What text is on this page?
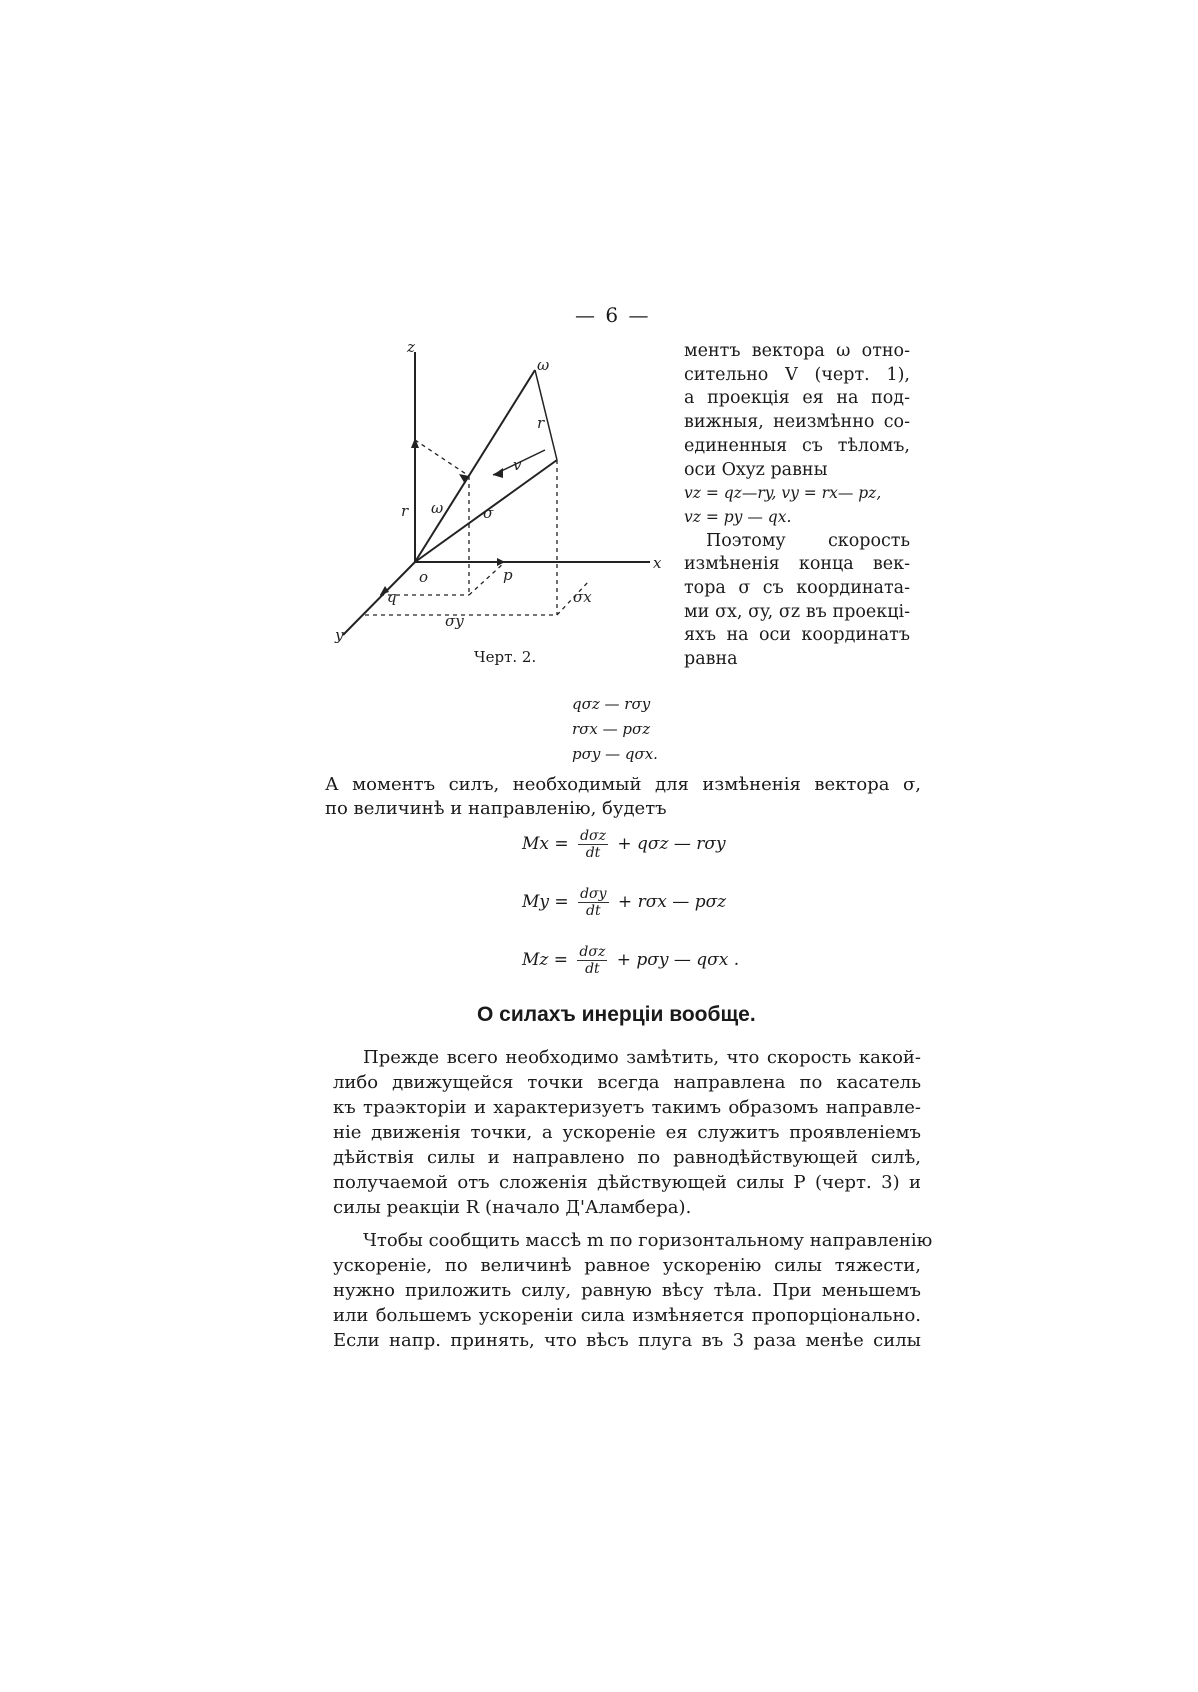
— 6 —
z
x
y
o
ω
r
r
v
σ
ω
p
q
σy
σx
Черт. 2.
ментъ вектора ω отно-
сительно V (черт. 1),
а проекція ея на под-
вижныя, неизмѣнно со-
единенныя съ тѣломъ,
оси Oxyz равны
vz = qz—ry, vy = rx— pz,
vz = py — qx.
Поэтому скорость
измѣненія конца век-
тора σ съ координата-
ми σx, σy, σz въ проекці-
яхъ на оси координатъ
равна
qσz — rσy
rσx — pσz
pσy — qσx.
А моментъ силъ, необходимый для измѣненія вектора σ,
по величинѣ и направленію, будетъ
$Mx = \frac{\text{dσz}}{dt} + q\sigma z$ — rσy
$My = \frac{\text{dσy}}{dt} + r\sigma x$ — pσz
$Mz = \frac{\text{dσz}}{dt} + p\sigma y$ — qσx .
О силахъ инерціи вообще.
Прежде всего необходимо замѣтить, что скорость какой-
либо движущейся точки всегда направлена по касатель
къ траэкторіи и характеризуетъ такимъ образомъ направле-
ніе движенія точки, а ускореніе ея служитъ проявленіемъ
дѣйствія силы и направлено по равнодѣйствующей силѣ,
получаемой отъ сложенія дѣйствующей силы P (черт. 3) и
силы реакціи R (начало Д'Аламбера).
Чтобы сообщить массѣ m по горизонтальному направленію
ускореніе, по величинѣ равное ускоренію силы тяжести,
нужно приложить силу, равную вѣсу тѣла. При меньшемъ
или большемъ ускореніи сила измѣняется пропорціонально.
Если напр. принять, что вѣсъ плуга въ 3 раза менѣе силы
